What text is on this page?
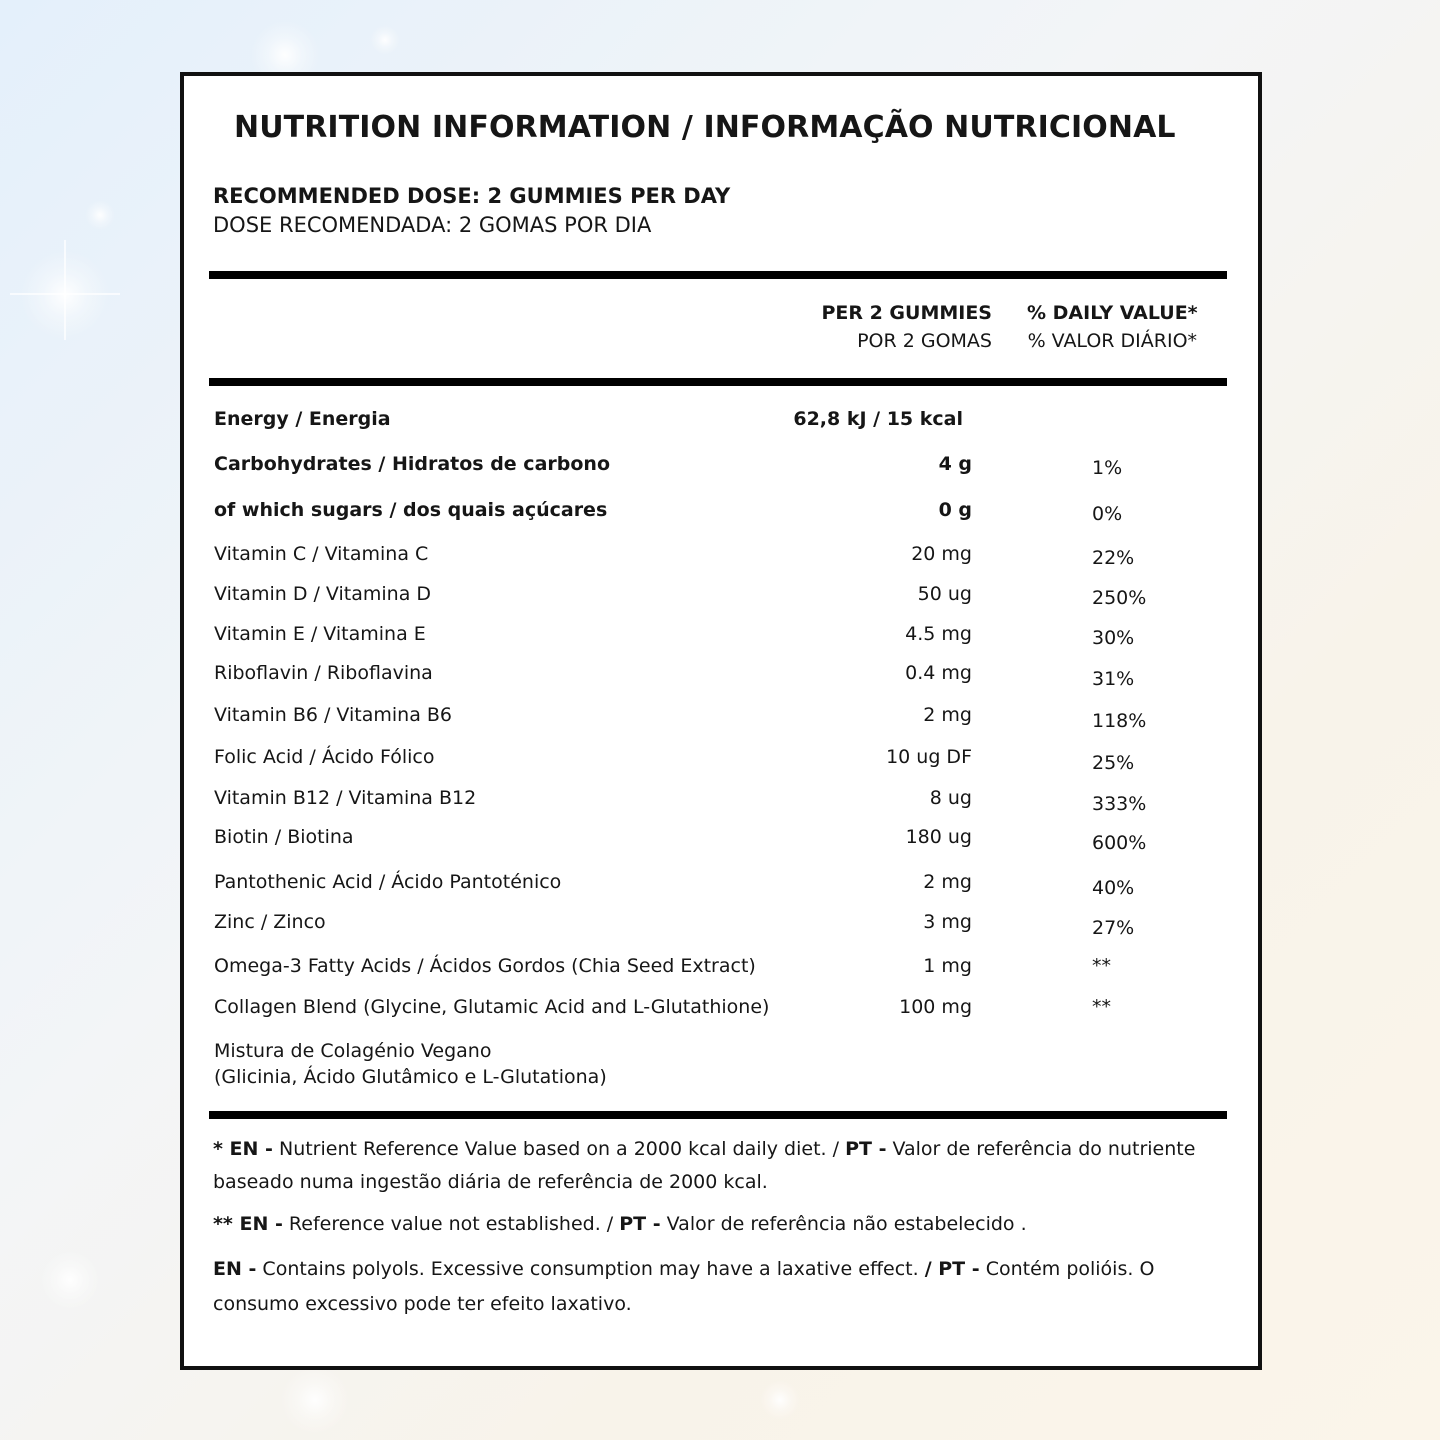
NUTRITION INFORMATION / INFORMAÇÃO NUTRICIONAL
RECOMMENDED DOSE: 2 GUMMIES PER DAY
DOSE RECOMENDADA: 2 GOMAS POR DIA
PER 2 GUMMIES
POR 2 GOMAS
% DAILY VALUE*
% VALOR DIÁRIO*
Energy / Energia	62,8 kJ / 15 kcal
Carbohydrates / Hidratos de carbono	4 g	1%
of which sugars / dos quais açúcares	0 g	0%
Vitamin C / Vitamina C	20 mg	22%
Vitamin D / Vitamina D	50 ug	250%
Vitamin E / Vitamina E	4.5 mg	30%
Riboflavin / Riboflavina	0.4 mg	31%
Vitamin B6 / Vitamina B6	2 mg	118%
Folic Acid / Ácido Fólico	10 ug DF	25%
Vitamin B12 / Vitamina B12	8 ug	333%
Biotin / Biotina	180 ug	600%
Pantothenic Acid / Ácido Pantoténico	2 mg	40%
Zinc / Zinco	3 mg	27%
Omega-3 Fatty Acids / Ácidos Gordos (Chia Seed Extract)	1 mg	**
Collagen Blend (Glycine, Glutamic Acid and L-Glutathione)	100 mg	**
Mistura de Colagénio Vegano
(Glicinia, Ácido Glutâmico e L-Glutationa)
* EN - Nutrient Reference Value based on a 2000 kcal daily diet. / PT - Valor de referência do nutriente baseado numa ingestão diária de referência de 2000 kcal.
** EN - Reference value not established. / PT - Valor de referência não estabelecido .
EN - Contains polyols. Excessive consumption may have a laxative effect. / PT - Contém polióis. O consumo excessivo pode ter efeito laxativo.
